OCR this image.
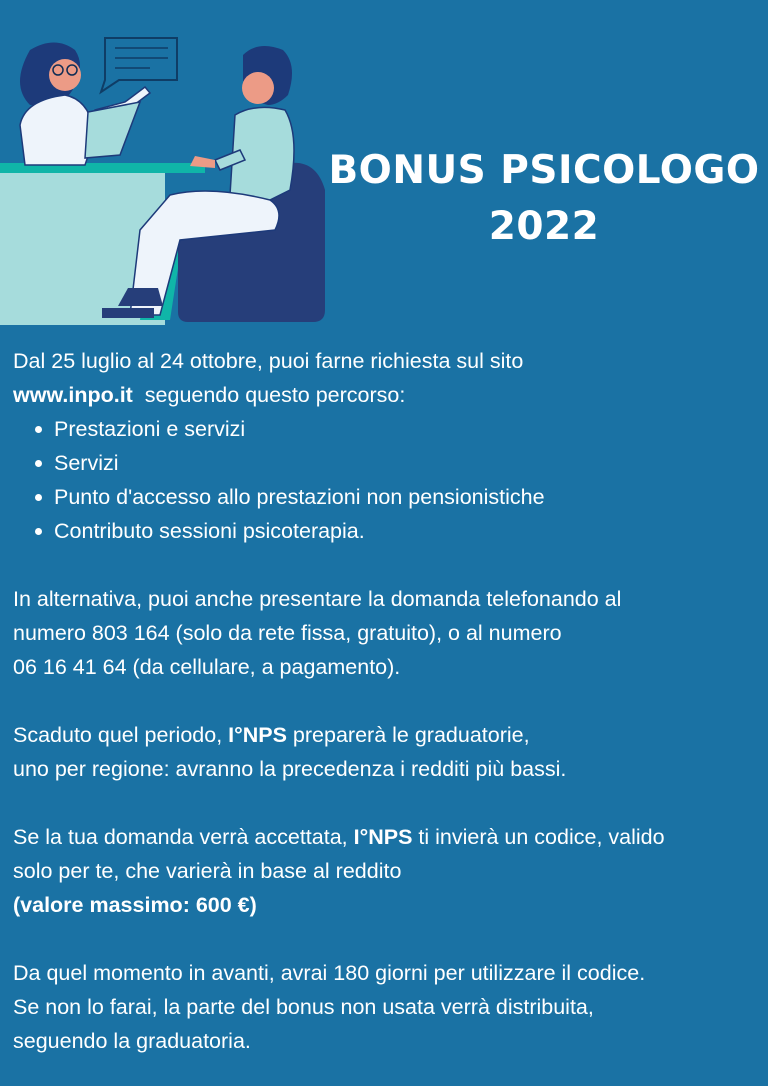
BONUS PSICOLOGO
2022

Dal 25 luglio al 24 ottobre, puoi farne richiesta sul sito

www.inpo.it  seguendo questo percorso:

Prestazioni e servizi
Servizi
Punto d'accesso allo prestazioni non pensionistiche
Contributo sessioni psicoterapia.

In alternativa, puoi anche presentare la domanda telefonando al

numero 803 164 (solo da rete fissa, gratuito), o al numero

06 16 41 64 (da cellulare, a pagamento).

Scaduto quel periodo, I°NPS preparerà le graduatorie,

uno per regione: avranno la precedenza i redditi più bassi.

Se la tua domanda verrà accettata, I°NPS ti invierà un codice, valido

solo per te, che varierà in base al reddito

(valore massimo: 600 €)

Da quel momento in avanti, avrai 180 giorni per utilizzare il codice.

Se non lo farai, la parte del bonus non usata verrà distribuita,

seguendo la graduatoria.
